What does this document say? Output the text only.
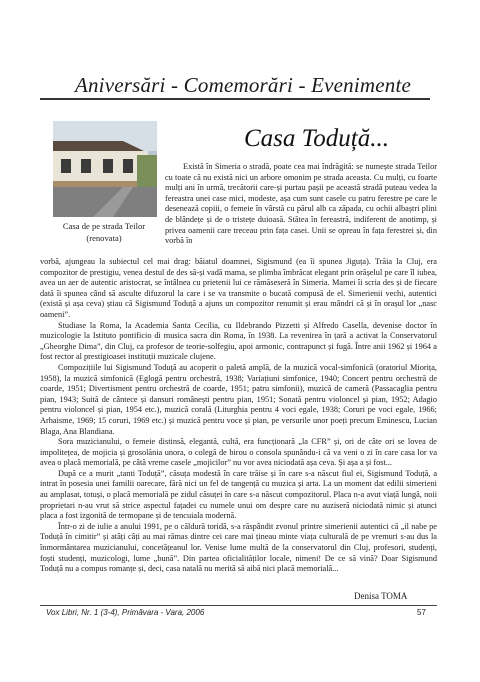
Aniversări - Comemorări - Evenimente
Casa de pe strada Teilor
(renovata)
Casa Toduță...

Există în Simeria o stradă, poate cea mai îndrăgită: se numește strada Teilor cu toate că nu există nici un arbore omonim pe strada aceasta. Cu mulți, cu foarte mulți ani în urmă, trecătorii care-și purtau pașii pe această stradă puteau vedea la fereastra unei case mici, modeste, așa cum sunt casele cu patru ferestre pe care le desenează copiii, o femeie în vârstă cu părul alb ca zăpada, cu ochii albaștri plini de blândețe și de o tristețe duioasă. Stătea în fereastră, indiferent de anotimp, și privea oamenii care treceau prin fața casei. Unii se opreau în fața ferestrei și, din vorbă în

vorbă, ajungeau la subiectul cel mai drag: băiatul doamnei, Sigismund (ea îi spunea Jiguța). Trăia la Cluj, era compozitor de prestigiu, venea destul de des să-și vadă mama, se plimba îmbrăcat elegant prin orășelul pe care îl iubea, avea un aer de autentic aristocrat, se întâlnea cu prietenii lui ce rămăseseră în Simeria. Mamei îi scria des și de fiecare dată îi spunea când să asculte difuzorul la care i se va transmite o bucată compusă de el. Simerienii vechi, autentici (există și așa ceva) știau că Sigismund Toduță a ajuns un compozitor renumit și erau mândri că și în orașul lor „nasc oameni”.

Studiase la Roma, la Academia Santa Cecilia, cu Ildebrando Pizzetti și Alfredo Casella, devenise doctor în muzicologie la Istituto pontificio di musica sacra din Roma, în 1938. La revenirea în țară a activat la Conservatorul „Gheorghe Dima”, din Cluj, ca profesor de teorie-solfegiu, apoi armonic, contrapunct și fugă. Între anii 1962 și 1964 a fost rector al prestigioasei instituții muzicale clujene.

Compozițiile lui Sigismund Toduță au acoperit o paletă amplă, de la muzică vocal-simfonică (oratoriul Miorița, 1958), la muzică simfonică (Eglogă pentru orchestră, 1938; Variațiuni simfonice, 1940; Concert pentru orchestră de coarde, 1951; Divertisment pentru orchestră de coarde, 1951; patru simfonii), muzică de cameră (Passacaglia pentru pian, 1943; Suită de cântece și dansuri românești pentru pian, 1951; Sonată pentru violoncel și pian, 1952; Adagio pentru violoncel și pian, 1954 etc.), muzică corală (Liturghia pentru 4 voci egale, 1938; Coruri pe voci egale, 1966; Arhaisme, 1969; 15 coruri, 1969 etc.) și muzică pentru voce și pian, pe versurile unor poeți precum Eminescu, Lucian Blaga, Ana Blandiana.

Sora muzicianului, o femeie distinsă, elegantă, cultă, era funcționară „la CFR” și, ori de câte ori se lovea de impolitețea, de mojicia și grosolănia unora, o colegă de birou o consola spunându-i că va veni o zi în care casa lor va avea o placă memorială, pe câtă vreme casele „mojicilor” nu vor avea niciodată așa ceva. Și așa a și fost...

După ce a murit „tanti Toduță”, căsuța modestă în care trăise și în care s-a născut fiul ei, Sigismund Toduță, a intrat în posesia unei familii oarecare, fără nici un fel de tangență cu muzica și arta. La un moment dat edilii simerieni au amplasat, totuși, o placă memorială pe zidul căsuței în care s-a născut compozitorul. Placa n-a avut viață lungă, noii proprietari n-au vrut să strice aspectul fațadei cu numele unui om despre care nu auziseră niciodată nimic și atunci placa a fost izgonită de termopane și de tencuiala modernă.

Într-o zi de iulie a anului 1991, pe o căldură toridă, s-a răspândit zvonul printre simerienii autentici că „il nabe pe Toduță în cimitir” și atâți câți au mai rămas dintre cei care mai țineau minte viața culturală de pe vremuri s-au dus la înmormântarea muzicianului, concetățeanul lor. Venise lume multă de la conservatorul din Cluj, profesori, studenți, foști studenți, muzicologi, lume „bună”. Din partea oficialităților locale, nimeni! De ce să vină? Doar Sigismund Toduță nu a compus romanțe și, deci, casa natală nu merită să aibă nici placă memorială...

Denisa TOMA
Vox Libri, Nr. 1 (3-4), Primăvara - Vara, 2006	57
